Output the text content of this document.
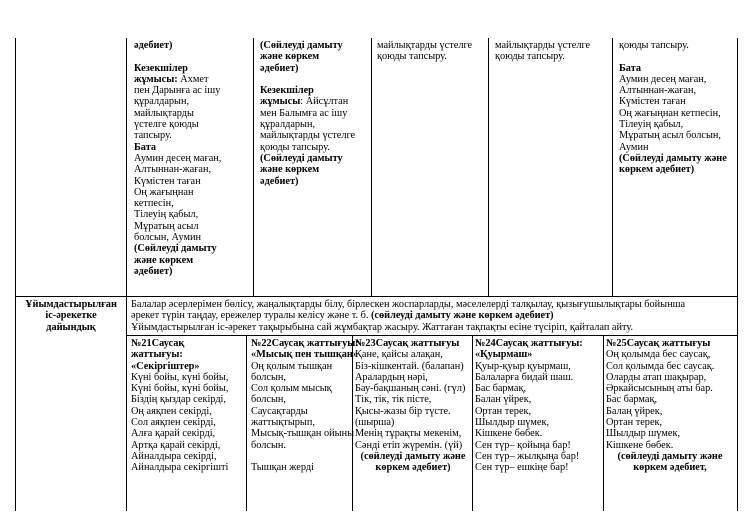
әдебиет)
Кезекшілер
жұмысы: Ахмет
пен Дарынға ас ішу
құралдарын,
майлықтарды
үстелге қоюды
тапсыру.
Бата
Аумин десең маған,
Алтыннан-жаған,
Күмістен таған
Оң жағыңнан
кетпесін,
Тілеуің қабыл,
Мұратың асыл
болсын, Аумин
(Сөйлеуді дамыту
және көркем
әдебиет)
(Сөйлеуді дамыту
және көркем
әдебиет)
Кезекшілер
жұмысы: Айсұлтан
мен Балымға ас ішу
құралдарын,
майлықтарды үстелге
қоюды тапсыру.
(Сөйлеуді дамыту
және көркем
әдебиет)
майлықтарды үстелге
қоюды тапсыру.
майлықтарды үстелге
қоюды тапсыру.
қоюды тапсыру.
Бата
Аумин десең маған,
Алтыннан-жаған,
Күмістен таған
Оң жағыңнан кетпесін,
Тілеуің қабыл,
Мұратың асыл болсын,
Аумин
(Сөйлеуді дамыту және
көркем әдебиет)
Ұйымдастырылған
іс-әрекетке
дайындық
Балалар әсерлерімен бөлісу, жаңалықтарды білу, бірлескен жоспарларды, мәселелерді талқылау, қызығушылықтары бойынша
әрекет түрін таңдау, ережелер туралы келісу және т. б. (сөйлеуді дамыту және көркем әдебиет)
Ұйымдастырылған іс-әрекет тақырыбына сай жұмбақтар жасыру. Жаттаған тақпақты есіне түсіріп, қайталап айту.
№21Саусақ
жаттығуы:
«Секіргіштер»
Күні бойы, күні бойы,
Күні бойы, күні бойы,
Біздің қыздар секірді,
Оң аяқпен секірді,
Сол аяқпен секірді,
Алға қарай секірді,
Артқа қарай секірді,
Айналдыра секірді,
Айналдыра секіргішті
№22Саусақ жаттығуы:
«Мысық пен тышқан»
Оң қолым тышқан
болсын,
Сол қолым мысық
болсын,
Саусақтарды
жаттықтырып,
Мысық-тышқан ойыны
болсын.
Тышқан жерді
№23Саусақ жаттығуы
Қане, қайсы алақан,
Біз-кішкентай. (балапан)
Аралардың нәрі,
Бау-бақшаның сәні. (гүл)
Тік, тік, тік пісте,
Қысы-жазы бір түсте.
(шырша)
Менің тұрақты мекенім,
Сәнді етіп жүремін. (үй)
(сөйлеуді дамыту және
көркем әдебиет)
№24Саусақ жаттығуы:
«Қуырмаш»
Қуыр-қуыр қуырмаш,
Балаларға бидай шаш.
Бас бармақ,
Балан үйрек,
Ортан терек,
Шылдыр шүмек,
Кішкене бөбек.
Сен түр– қойыңа бар!
Сен түр– жылқыңа бар!
Сен түр– ешкіңе бар!
№25Саусақ жаттығуы
Оң қолымда бес саусақ,
Сол қолымда бес саусақ.
Оларды атап шақырар,
Әркайсысының аты бар.
Бас бармақ,
Балаң үйрек,
Ортан терек,
Шылдыр шүмек,
Кішкене бөбек.
(сөйлеуді дамыту және
көркем әдебиет,
